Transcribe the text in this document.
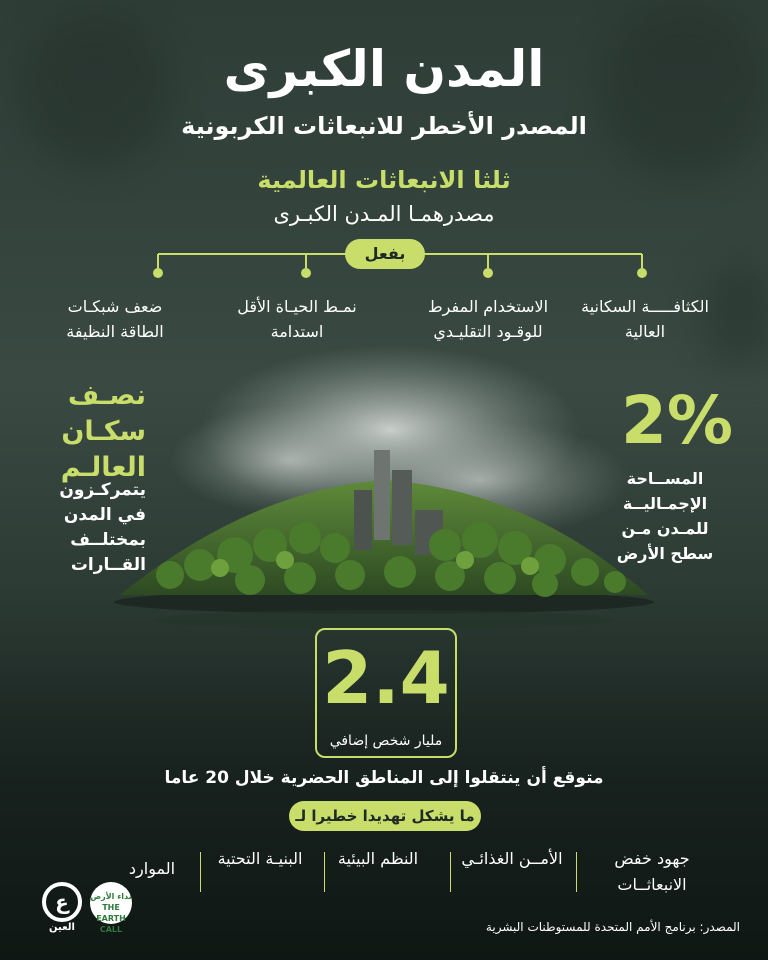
المدن الكبرى
المصدر الأخطر للانبعاثات الكربونية
ثلثا الانبعاثات العالمية
مصدرهمـا المـدن الكبـرى
بفعل
الكثافـــــة السكانية العالية
الاستخدام المفرط للوقـود التقليـدي
نمـط الحيـاة الأقل استدامة
ضعف شبكـات الطاقة النظيفة
نصـف سكـان العالـم
يتمركـزون في المدن بمختلــف القــارات
2%
المســاحة الإجمـاليــة للمـدن مـن سطح الأرض
2.4
مليار شخص إضافي
متوقع أن ينتقلوا إلى المناطق الحضرية خلال 20 عاما
ما يشكل تهديدا خطيرا لـ
جهود خفض الانبعاثــات
الأمــن الغذائـي
النظم البيئية
البنيـة التحتية
الموارد
ع
العين
نداء الأرض THE EARTH CALL	المصدر: برنامج الأمم المتحدة للمستوطنات البشرية
